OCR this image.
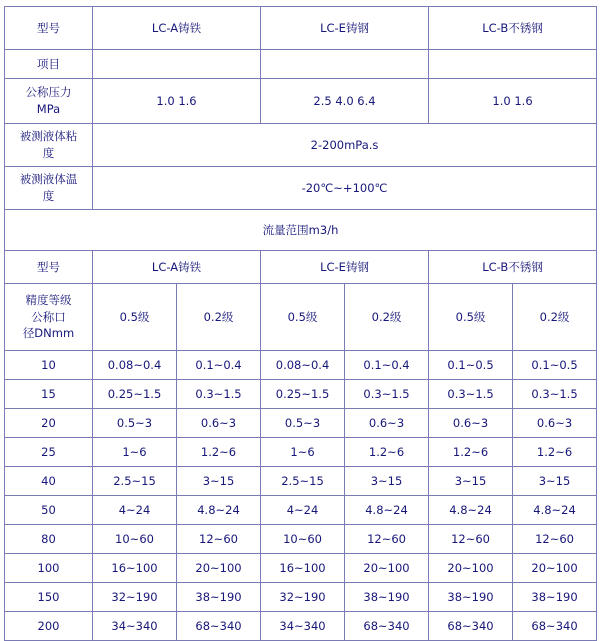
型号	LC-A铸铁		LC-E铸钢		LC-B不锈钢	
项目						

公称压力
MPa	1.0 1.6		2.5 4.0 6.4		1.0 1.6	

被测液体粘
度	2-200mPa.s					

被测液体温
度	-20℃~+100℃					
流量范围m3/h						
型号	LC-A铸铁		LC-E铸钢		LC-B不锈钢	

精度等级
公称口
径DNmm	0.5级	0.2级	0.5级	0.2级	0.5级	0.2级
10	0.08~0.4	0.1~0.4	0.08~0.4	0.1~0.4	0.1~0.5	0.1~0.5
15	0.25~1.5	0.3~1.5	0.25~1.5	0.3~1.5	0.3~1.5	0.3~1.5
20	0.5~3	0.6~3	0.5~3	0.6~3	0.6~3	0.6~3
25	1~6	1.2~6	1~6	1.2~6	1.2~6	1.2~6
40	2.5~15	3~15	2.5~15	3~15	3~15	3~15
50	4~24	4.8~24	4~24	4.8~24	4.8~24	4.8~24
80	10~60	12~60	10~60	12~60	12~60	12~60
100	16~100	20~100	16~100	20~100	20~100	20~100
150	32~190	38~190	32~190	38~190	38~190	38~190
200	34~340	68~340	34~340	68~340	68~340	68~340
